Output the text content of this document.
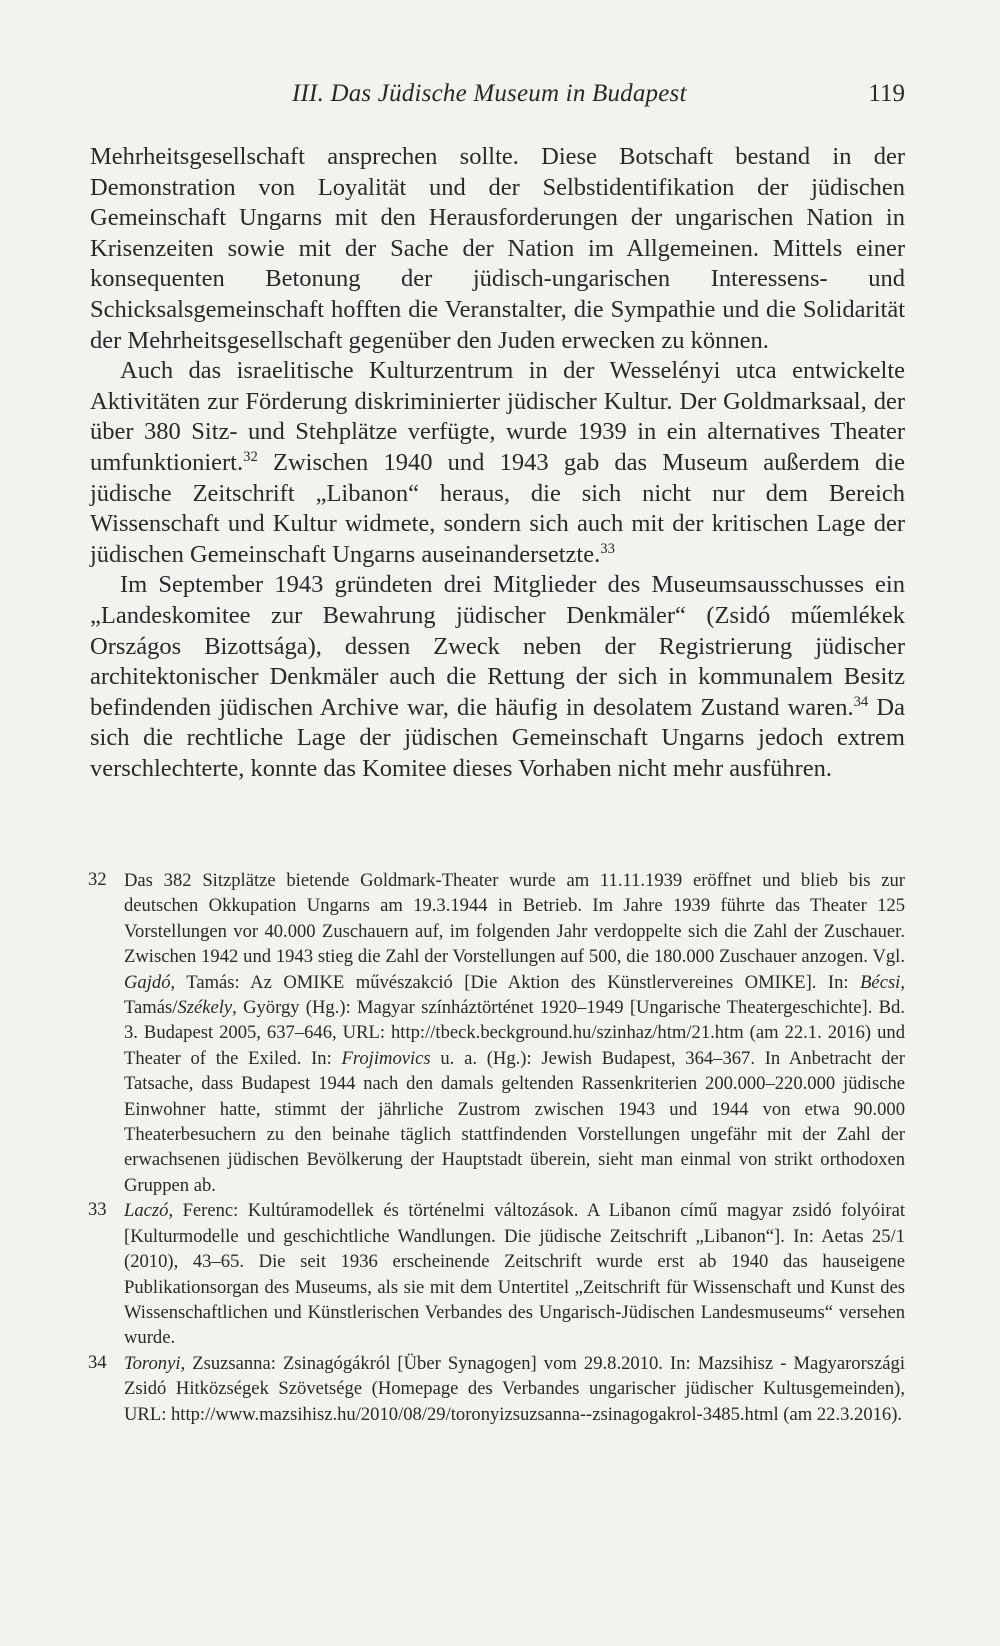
III. Das Jüdische Museum in Budapest	119

Mehrheitsgesellschaft ansprechen sollte. Diese Botschaft bestand in der Demonstration von Loyalität und der Selbstidentifikation der jüdischen Gemeinschaft Ungarns mit den Herausforderungen der ungarischen Nation in Krisenzeiten sowie mit der Sache der Nation im Allgemeinen. Mittels einer konsequenten Betonung der jüdisch-ungarischen Interessens- und Schicksalsgemeinschaft hofften die Veranstalter, die Sympathie und die Solidarität der Mehrheitsgesellschaft gegenüber den Juden erwecken zu können.

Auch das israelitische Kulturzentrum in der Wesselényi utca entwickelte Aktivitäten zur Förderung diskriminierter jüdischer Kultur. Der Goldmarksaal, der über 380 Sitz- und Stehplätze verfügte, wurde 1939 in ein alternatives Theater umfunktioniert.$^{32}$ Zwischen 1940 und 1943 gab das Museum außerdem die jüdische Zeitschrift „Libanon“ heraus, die sich nicht nur dem Bereich Wissenschaft und Kultur widmete, sondern sich auch mit der kritischen Lage der jüdischen Gemeinschaft Ungarns auseinandersetzte.$^{33}$

Im September 1943 gründeten drei Mitglieder des Museumsausschusses ein „Landeskomitee zur Bewahrung jüdischer Denkmäler“ (Zsidó műemlékek Országos Bizottsága), dessen Zweck neben der Registrierung jüdischer architektonischer Denkmäler auch die Rettung der sich in kommunalem Besitz befindenden jüdischen Archive war, die häufig in desolatem Zustand waren.$^{34}$ Da sich die rechtliche Lage der jüdischen Gemeinschaft Ungarns jedoch extrem verschlechterte, konnte das Komitee dieses Vorhaben nicht mehr ausführen.

32 Das 382 Sitzplätze bietende Goldmark-Theater wurde am 11.11.1939 eröffnet und blieb bis zur deutschen Okkupation Ungarns am 19.3.1944 in Betrieb. Im Jahre 1939 führte das Theater 125 Vorstellungen vor 40.000 Zuschauern auf, im folgenden Jahr verdoppelte sich die Zahl der Zuschauer. Zwischen 1942 und 1943 stieg die Zahl der Vorstellungen auf 500, die 180.000 Zuschauer anzogen. Vgl. Gajdó, Tamás: Az OMIKE művészakció [Die Aktion des Künstlervereines OMIKE]. In: Bécsi, Tamás/Székely, György (Hg.): Magyar színháztörténet 1920–1949 [Ungarische Theatergeschichte]. Bd. 3. Budapest 2005, 637–646, URL: http://tbeck.beckground.hu/szinhaz/htm/21.htm (am 22.1. 2016) und Theater of the Exiled. In: Frojimovics u. a. (Hg.): Jewish Budapest, 364–367. In Anbetracht der Tatsache, dass Budapest 1944 nach den damals geltenden Rassenkriterien 200.000–220.000 jüdische Einwohner hatte, stimmt der jährliche Zustrom zwischen 1943 und 1944 von etwa 90.000 Theaterbesuchern zu den beinahe täglich stattfindenden Vorstellungen ungefähr mit der Zahl der erwachsenen jüdischen Bevölkerung der Hauptstadt überein, sieht man einmal von strikt orthodoxen Gruppen ab.

33 Laczó, Ferenc: Kultúramodellek és történelmi változások. A Libanon című magyar zsidó folyóirat [Kulturmodelle und geschichtliche Wandlungen. Die jüdische Zeitschrift „Libanon“]. In: Aetas 25/1 (2010), 43–65. Die seit 1936 erscheinende Zeitschrift wurde erst ab 1940 das hauseigene Publikationsorgan des Museums, als sie mit dem Untertitel „Zeitschrift für Wissenschaft und Kunst des Wissenschaftlichen und Künstlerischen Verbandes des Ungarisch-Jüdischen Landesmuseums“ versehen wurde.

34 Toronyi, Zsuzsanna: Zsinagógákról [Über Synagogen] vom 29.8.2010. In: Mazsihisz - Magyarországi Zsidó Hitközségek Szövetsége (Homepage des Verbandes ungarischer jüdischer Kultusgemeinden), URL: http://www.mazsihisz.hu/2010/08/29/toronyizsuzsanna--zsinagogakrol-3485.html (am 22.3.2016).
